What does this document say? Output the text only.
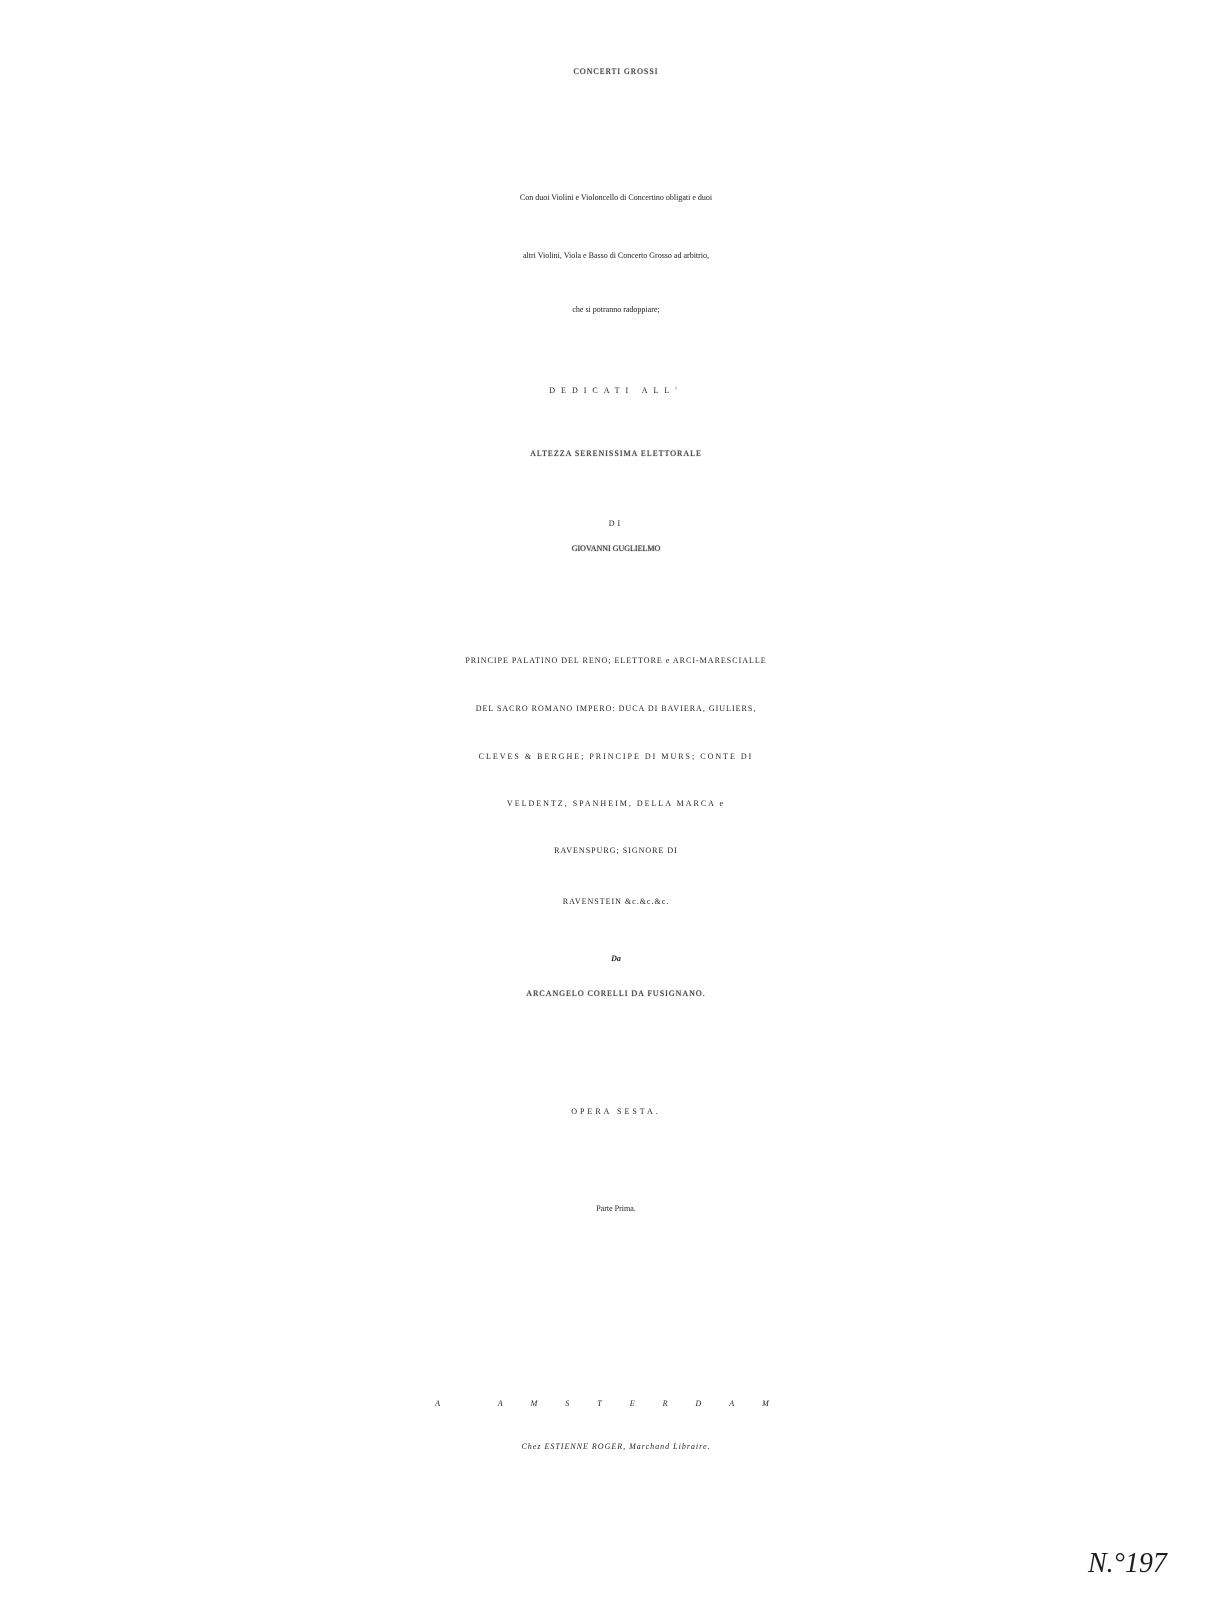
CONCERTI GROSSI
Con duoi Violini e Violoncello di Concertino obligati e duoi
altri Violini, Viola e Basso di Concerto Grosso ad arbitrio,
che si potranno radoppiare;
DEDICATI ALL'
ALTEZZA SERENISSIMA ELETTORALE
DI
GIOVANNI GUGLIELMO
PRINCIPE PALATINO DEL RENO; ELETTORE e ARCI-MARESCIALLE
DEL SACRO ROMANO IMPERO: DUCA DI BAVIERA, GIULIERS,
CLEVES & BERGHE; PRINCIPE DI MURS; CONTE DI
VELDENTZ, SPANHEIM, DELLA MARCA e
RAVENSPURG; SIGNORE DI
RAVENSTEIN &c.&c.&c.
Da
ARCANGELO CORELLI DA FUSIGNANO.
OPERA SESTA.
Parte Prima.
A AMSTERDAM
Chez ESTIENNE ROGER, Marchand Libraire.
N.°197
